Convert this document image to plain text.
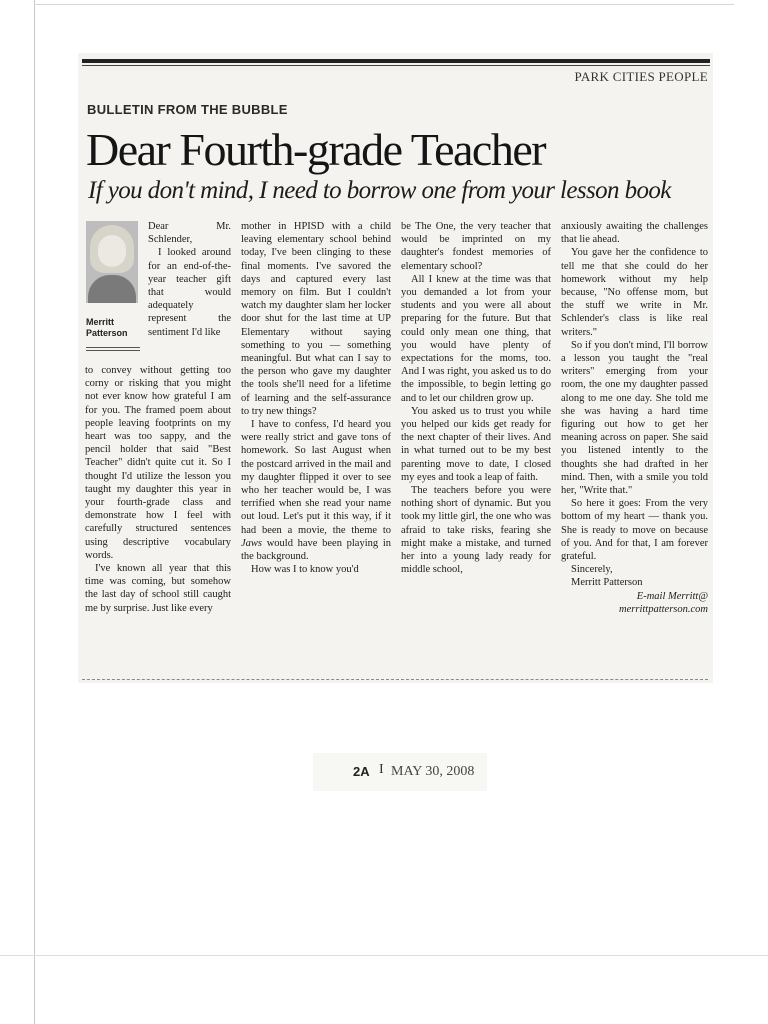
PARK CITIES PEOPLE
BULLETIN FROM THE BUBBLE
Dear Fourth-grade Teacher
If you don't mind, I need to borrow one from your lesson book
Merritt
Patterson

Dear Mr. Schlender,

I looked around for an end-of-the-year teacher gift that would adequately represent the sentiment I'd like

to convey without getting too corny or risking that you might not ever know how grateful I am for you. The framed poem about people leaving footprints on my heart was too sappy, and the pencil holder that said "Best Teacher" didn't quite cut it. So I thought I'd utilize the lesson you taught my daughter this year in your fourth-grade class and demonstrate how I feel with carefully structured sentences using descriptive vocabulary words.

I've known all year that this time was coming, but somehow the last day of school still caught me by surprise. Just like every

mother in HPISD with a child leaving elementary school behind today, I've been clinging to these final moments. I've savored the days and captured every last memory on film. But I couldn't watch my daughter slam her locker door shut for the last time at UP Elementary without saying something to you — something meaningful. But what can I say to the person who gave my daughter the tools she'll need for a lifetime of learning and the self-assurance to try new things?

I have to confess, I'd heard you were really strict and gave tons of homework. So last August when the postcard arrived in the mail and my daughter flipped it over to see who her teacher would be, I was terrified when she read your name out loud. Let's put it this way, if it had been a movie, the theme to Jaws would have been playing in the background.

How was I to know you'd

be The One, the very teacher that would be imprinted on my daughter's fondest memories of elementary school?

All I knew at the time was that you demanded a lot from your students and you were all about preparing for the future. But that could only mean one thing, that you would have plenty of expectations for the moms, too. And I was right, you asked us to do the impossible, to begin letting go and to let our children grow up.

You asked us to trust you while you helped our kids get ready for the next chapter of their lives. And in what turned out to be my best parenting move to date, I closed my eyes and took a leap of faith.

The teachers before you were nothing short of dynamic. But you took my little girl, the one who was afraid to take risks, fearing she might make a mistake, and turned her into a young lady ready for middle school,

anxiously awaiting the challenges that lie ahead.

You gave her the confidence to tell me that she could do her homework without my help because, "No offense mom, but the stuff we write in Mr. Schlender's class is like real writers."

So if you don't mind, I'll borrow a lesson you taught the "real writers" emerging from your room, the one my daughter passed along to me one day. She told me she was having a hard time figuring out how to get her meaning across on paper. She said you listened intently to the thoughts she had drafted in her mind. Then, with a smile you told her, "Write that."

So here it goes: From the very bottom of my heart — thank you. She is ready to move on because of you. And for that, I am forever grateful.

Sincerely,

Merritt Patterson

E-mail Merritt@

merrittpatterson.com

2A I MAY 30, 2008
